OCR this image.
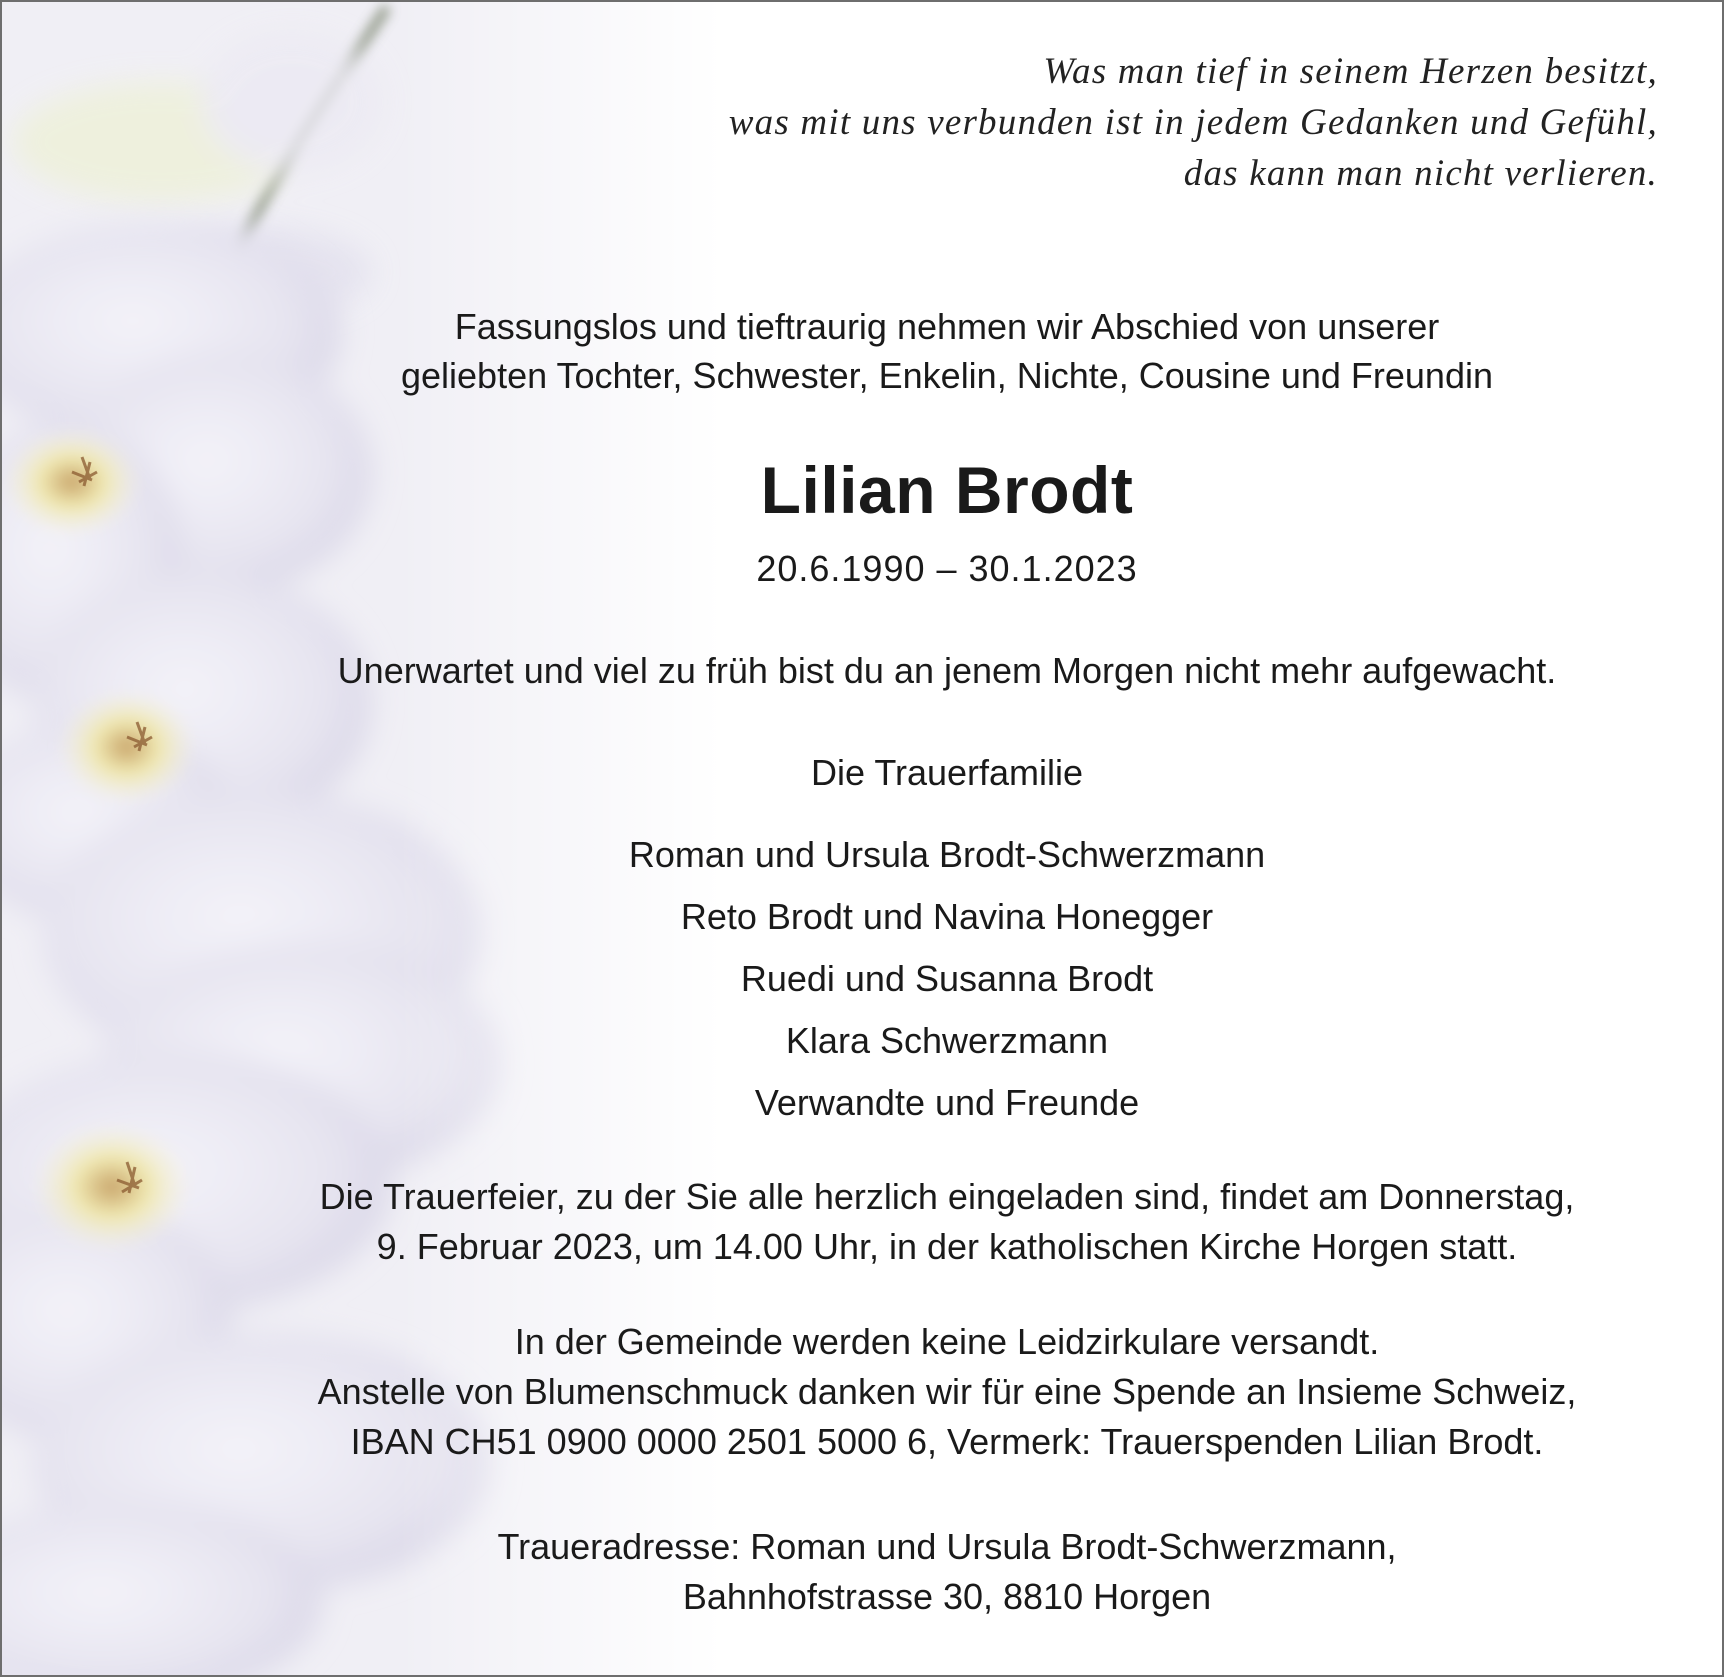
Was man tief in seinem Herzen besitzt,
was mit uns verbunden ist in jedem Gedanken und Gefühl,
das kann man nicht verlieren.
Fassungslos und tieftraurig nehmen wir Abschied von unserer
geliebten Tochter, Schwester, Enkelin, Nichte, Cousine und Freundin
Lilian Brodt
20.6.1990 – 30.1.2023
Unerwartet und viel zu früh bist du an jenem Morgen nicht mehr aufgewacht.
Die Trauerfamilie
Roman und Ursula Brodt-Schwerzmann
Reto Brodt und Navina Honegger
Ruedi und Susanna Brodt
Klara Schwerzmann
Verwandte und Freunde
Die Trauerfeier, zu der Sie alle herzlich eingeladen sind, findet am Donnerstag,
9. Februar 2023, um 14.00 Uhr, in der katholischen Kirche Horgen statt.
In der Gemeinde werden keine Leidzirkulare versandt.
Anstelle von Blumenschmuck danken wir für eine Spende an Insieme Schweiz,
IBAN CH51 0900 0000 2501 5000 6, Vermerk: Trauerspenden Lilian Brodt.
Traueradresse: Roman und Ursula Brodt-Schwerzmann,
Bahnhofstrasse 30, 8810 Horgen
